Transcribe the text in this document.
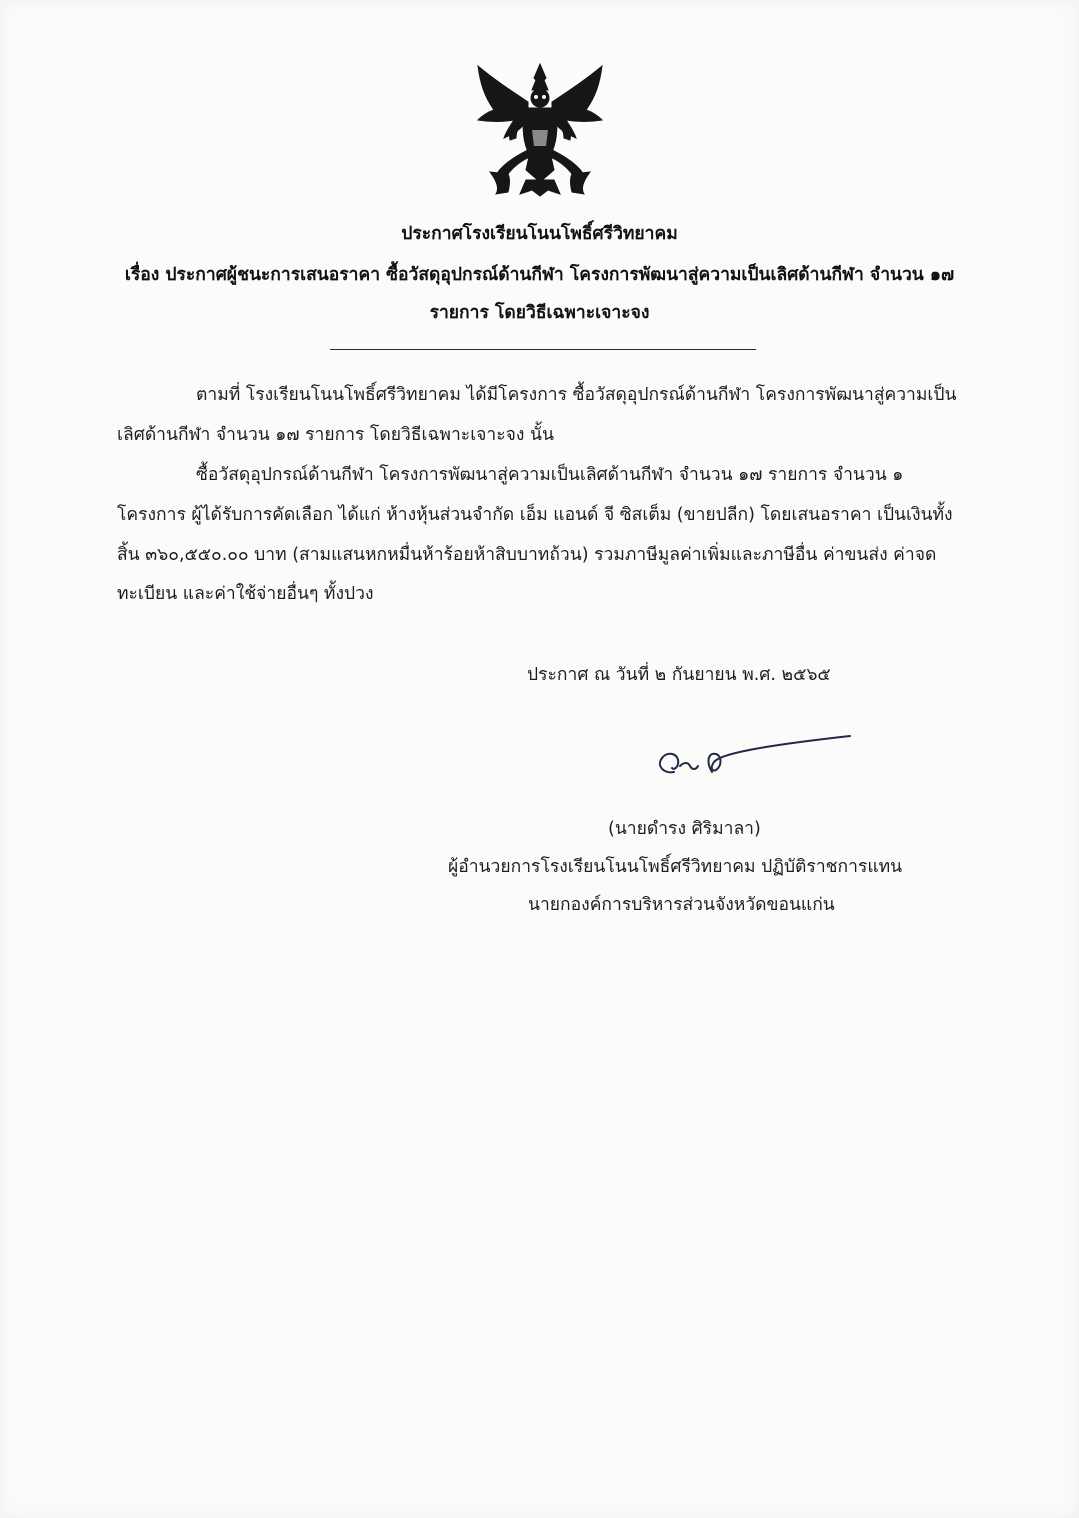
ประกาศโรงเรียนโนนโพธิ์ศรีวิทยาคม
เรื่อง ประกาศผู้ชนะการเสนอราคา ซื้อวัสดุอุปกรณ์ด้านกีฬา โครงการพัฒนาสู่ความเป็นเลิศด้านกีฬา จำนวน ๑๗
รายการ โดยวิธีเฉพาะเจาะจง
ตามที่ โรงเรียนโนนโพธิ์ศรีวิทยาคม ได้มีโครงการ ซื้อวัสดุอุปกรณ์ด้านกีฬา โครงการพัฒนาสู่ความเป็น
เลิศด้านกีฬา จำนวน ๑๗ รายการ โดยวิธีเฉพาะเจาะจง นั้น
ซื้อวัสดุอุปกรณ์ด้านกีฬา โครงการพัฒนาสู่ความเป็นเลิศด้านกีฬา จำนวน ๑๗ รายการ จำนวน ๑
โครงการ ผู้ได้รับการคัดเลือก ได้แก่ ห้างหุ้นส่วนจำกัด เอ็ม แอนด์ จี ซิสเต็ม (ขายปลีก) โดยเสนอราคา เป็นเงินทั้ง
สิ้น ๓๖๐,๕๕๐.๐๐ บาท (สามแสนหกหมื่นห้าร้อยห้าสิบบาทถ้วน) รวมภาษีมูลค่าเพิ่มและภาษีอื่น ค่าขนส่ง ค่าจด
ทะเบียน และค่าใช้จ่ายอื่นๆ ทั้งปวง
ประกาศ ณ วันที่ ๒ กันยายน พ.ศ. ๒๕๖๕
(นายดำรง ศิริมาลา)
ผู้อำนวยการโรงเรียนโนนโพธิ์ศรีวิทยาคม ปฏิบัติราชการแทน
นายกองค์การบริหารส่วนจังหวัดขอนแก่น
